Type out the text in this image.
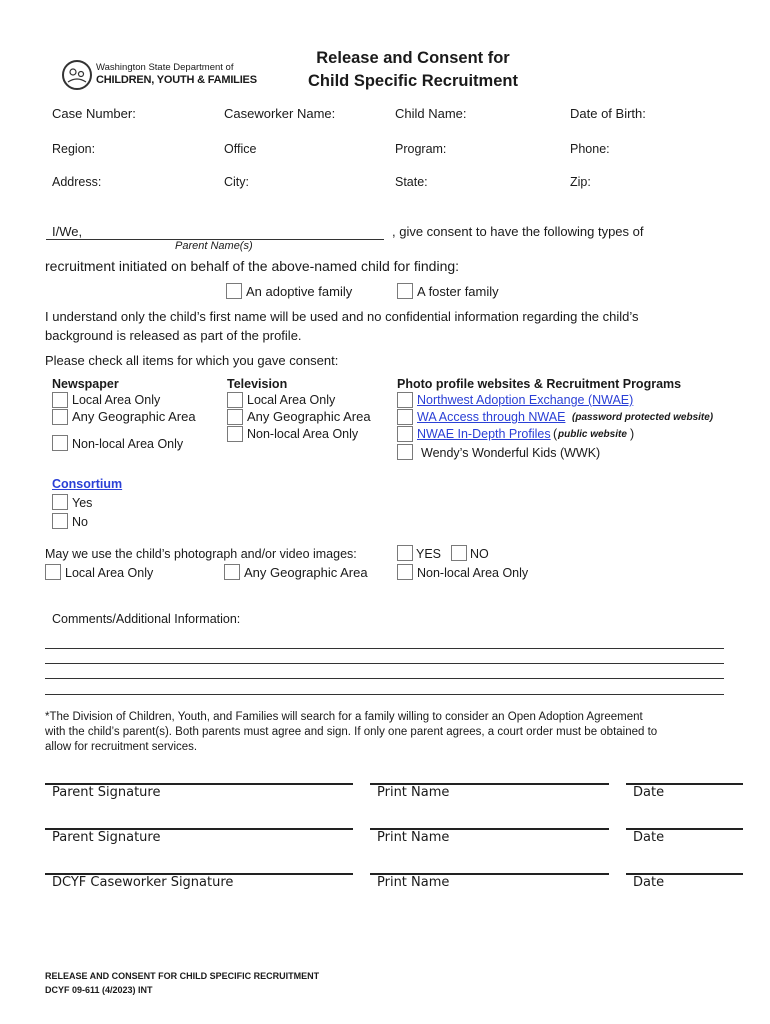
Washington State Department of
CHILDREN, YOUTH & FAMILIES
Release and Consent for
Child Specific Recruitment
Case Number:	Caseworker Name:	Child Name:	Date of Birth:
Region:	Office	Program:	Phone:
Address:	City:	State:	Zip:
I/We,	, give consent to have the following types of
Parent Name(s)
recruitment initiated on behalf of the above-named child for finding:
An adoptive family	A foster family
I understand only the child’s first name will be used and no confidential information regarding the child’s
background is released as part of the profile.
Please check all items for which you gave consent:
Newspaper
Local Area Only
Any Geographic Area
Non-local Area Only
Television
Local Area Only
Any Geographic Area
Non-local Area Only
Photo profile websites & Recruitment Programs
Northwest Adoption Exchange (NWAE)
WA Access through NWAE (password protected website)
NWAE In-Depth Profiles ( public website )
Wendy’s Wonderful Kids (WWK)
Consortium
Yes
No
May we use the child’s photograph and/or video images:	YES NO
Local Area Only	Any Geographic Area	Non-local Area Only
Comments/Additional Information:
*The Division of Children, Youth, and Families will search for a family willing to consider an Open Adoption Agreement
with the child’s parent(s). Both parents must agree and sign. If only one parent agrees, a court order must be obtained to
allow for recruitment services.
Parent Signature	Print Name	Date
Parent Signature	Print Name	Date
DCYF Caseworker Signature	Print Name	Date
RELEASE AND CONSENT FOR CHILD SPECIFIC RECRUITMENT
DCYF 09-611 (4/2023) INT
